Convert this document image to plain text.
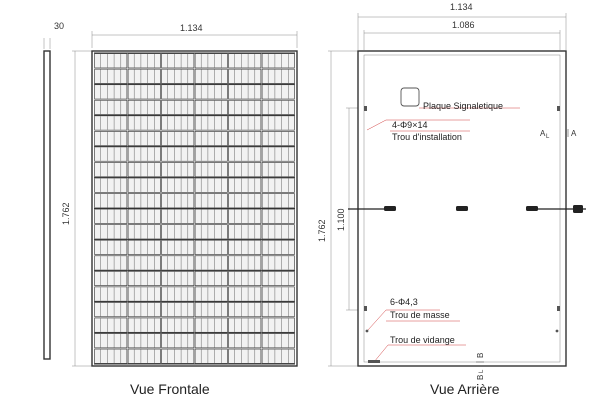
30	1.134
1.762
Vue Frontale
1.134
1.086
1.762 1.100
Plaque Signaletique
4-Φ9×14
Trou d'installation	A L	A
B
L
B
6-Φ4,3
Trou de masse
Trou de vidange
Vue Arrière
